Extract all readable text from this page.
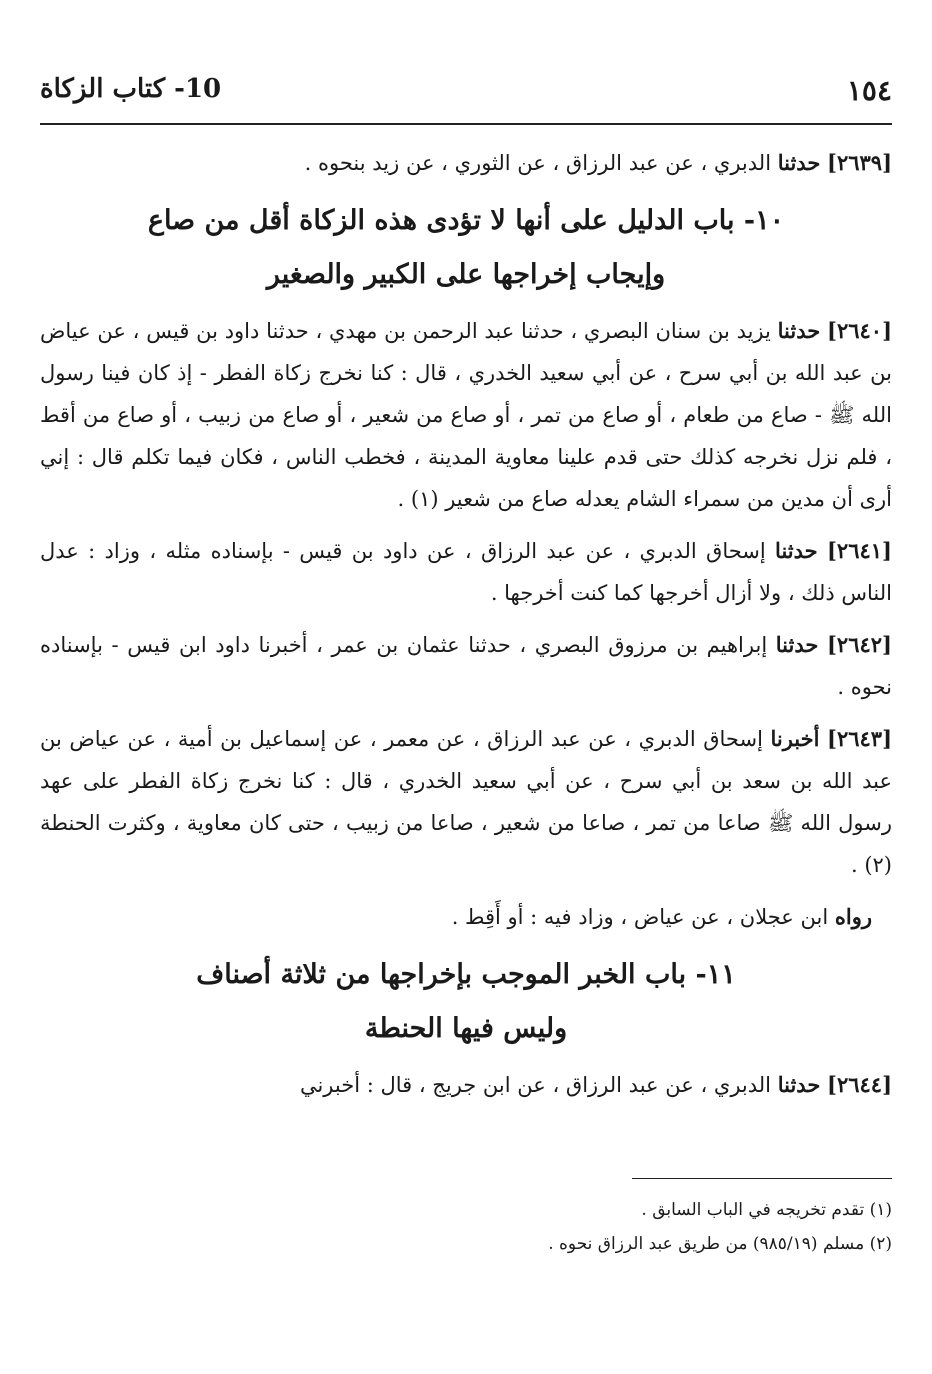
١٥٤
10- كتاب الزكاة

[٢٦٣٩] حدثنا الدبري ، عن عبد الرزاق ، عن الثوري ، عن زيد بنحوه .

١٠- باب الدليل على أنها لا تؤدى هذه الزكاة أقل من صاع
وإيجاب إخراجها على الكبير والصغير

[٢٦٤٠] حدثنا يزيد بن سنان البصري ، حدثنا عبد الرحمن بن مهدي ، حدثنا داود بن قيس ، عن عياض بن عبد الله بن أبي سرح ، عن أبي سعيد الخدري ، قال : كنا نخرج زكاة الفطر - إذ كان فينا رسول الله ﷺ - صاع من طعام ، أو صاع من تمر ، أو صاع من شعير ، أو صاع من زبيب ، أو صاع من أقط ، فلم نزل نخرجه كذلك حتى قدم علينا معاوية المدينة ، فخطب الناس ، فكان فيما تكلم قال : إني أرى أن مدين من سمراء الشام يعدله صاع من شعير (١) .

[٢٦٤١] حدثنا إسحاق الدبري ، عن عبد الرزاق ، عن داود بن قيس - بإسناده مثله ، وزاد : عدل الناس ذلك ، ولا أزال أخرجها كما كنت أخرجها .

[٢٦٤٢] حدثنا إبراهيم بن مرزوق البصري ، حدثنا عثمان بن عمر ، أخبرنا داود ابن قيس - بإسناده نحوه .

[٢٦٤٣] أخبرنا إسحاق الدبري ، عن عبد الرزاق ، عن معمر ، عن إسماعيل بن أمية ، عن عياض بن عبد الله بن سعد بن أبي سرح ، عن أبي سعيد الخدري ، قال : كنا نخرج زكاة الفطر على عهد رسول الله ﷺ صاعا من تمر ، صاعا من شعير ، صاعا من زبيب ، حتى كان معاوية ، وكثرت الحنطة (٢) .

رواه ابن عجلان ، عن عياض ، وزاد فيه : أو أَقِط .

١١- باب الخبر الموجب بإخراجها من ثلاثة أصناف
وليس فيها الحنطة

[٢٦٤٤] حدثنا الدبري ، عن عبد الرزاق ، عن ابن جريج ، قال : أخبرني

(١) تقدم تخريجه في الباب السابق .

(٢) مسلم (٩٨٥/١٩) من طريق عبد الرزاق نحوه .
